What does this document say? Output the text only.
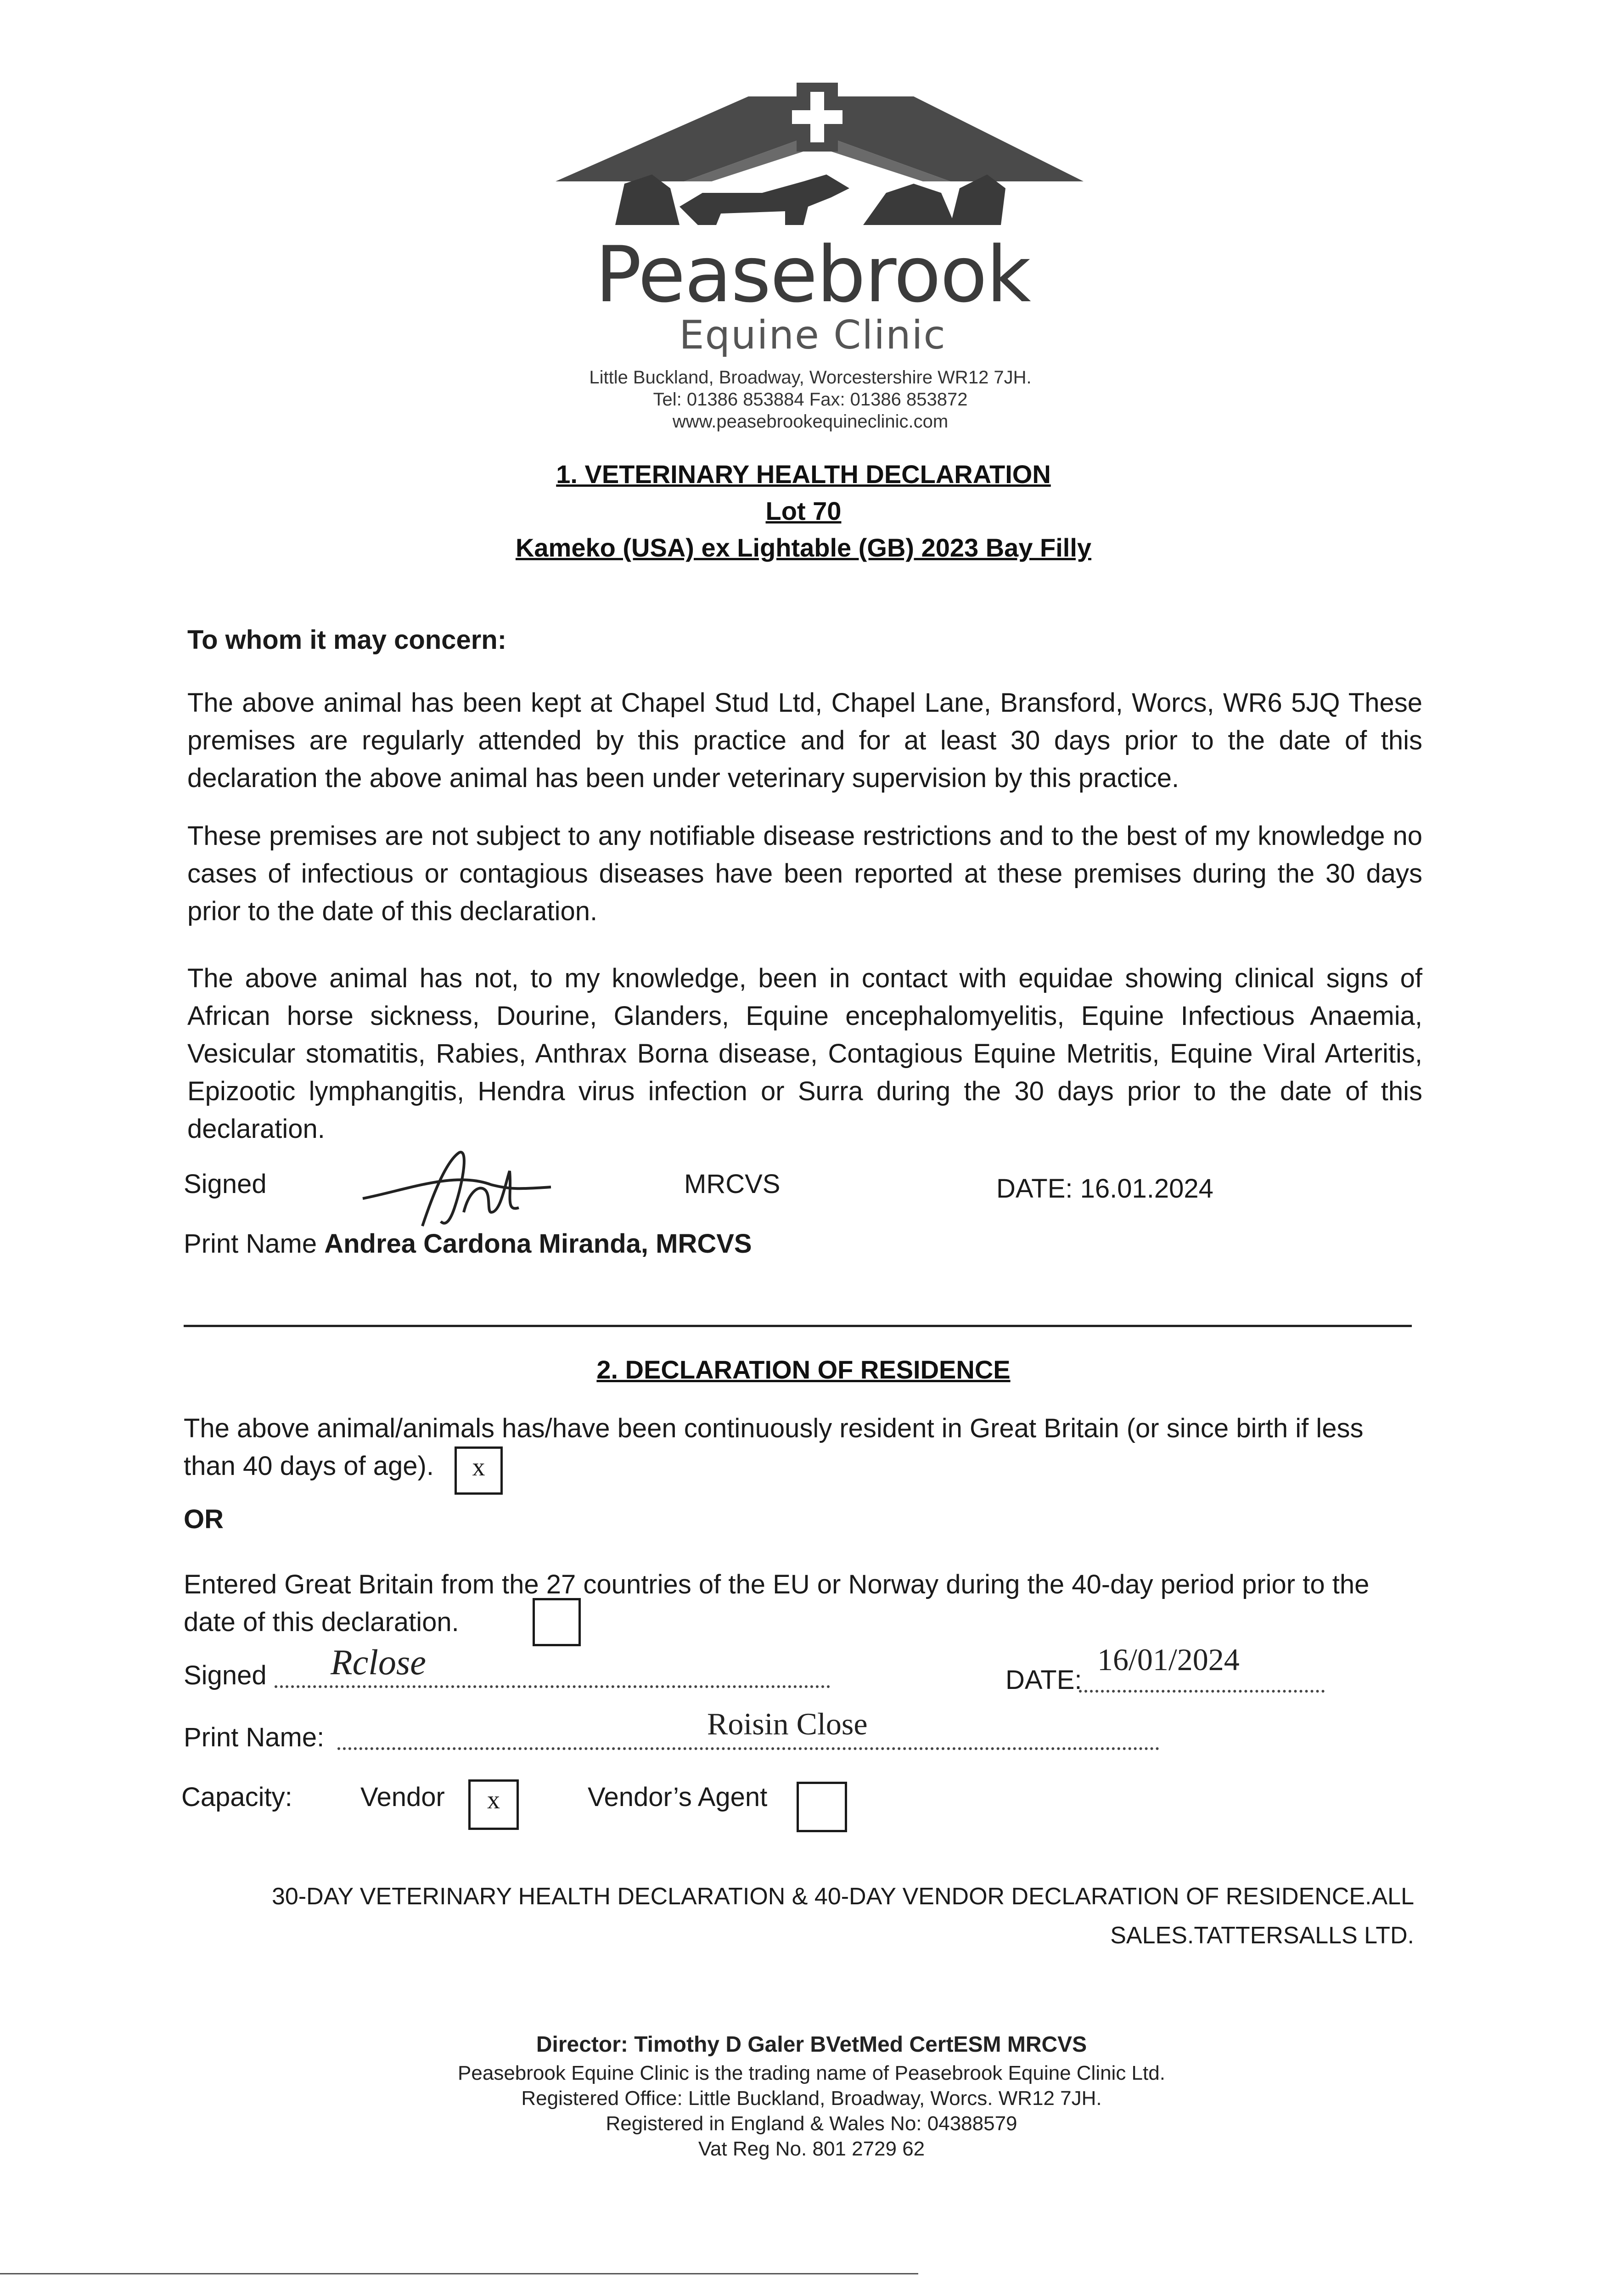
Peasebrook
Equine Clinic
Little Buckland, Broadway, Worcestershire WR12 7JH.
Tel: 01386 853884 Fax: 01386 853872
www.peasebrookequineclinic.com
1. VETERINARY HEALTH DECLARATION
Lot 70
Kameko (USA) ex Lightable (GB) 2023 Bay Filly
To whom it may concern:
The above animal has been kept at Chapel Stud Ltd, Chapel Lane, Bransford, Worcs, WR6 5JQ These premises are regularly attended by this practice and for at least 30 days prior to the date of this declaration the above animal has been under veterinary supervision by this practice.
These premises are not subject to any notifiable disease restrictions and to the best of my knowledge no cases of infectious or contagious diseases have been reported at these premises during the 30 days prior to the date of this declaration.
The above animal has not, to my knowledge, been in contact with equidae showing clinical signs of African horse sickness, Dourine, Glanders, Equine encephalomyelitis, Equine Infectious Anaemia, Vesicular stomatitis, Rabies, Anthrax Borna disease, Contagious Equine Metritis, Equine Viral Arteritis, Epizootic lymphangitis, Hendra virus infection or Surra during the 30 days prior to the date of this declaration.
Signed	MRCVS	DATE: 16.01.2024
Print Name Andrea Cardona Miranda, MRCVS
2. DECLARATION OF RESIDENCE
The above animal/animals has/have been continuously resident in Great Britain (or since birth if less than 40 days of age).	x
OR
Entered Great Britain from the 27 countries of the EU or Norway during the 40-day period prior to the date of this declaration.
Signed Rclose	DATE:
16/01/2024
Print Name:	Roisin Close
Capacity:	Vendor	x	Vendor’s Agent
30-DAY VETERINARY HEALTH DECLARATION & 40-DAY VENDOR DECLARATION OF RESIDENCE.ALL
SALES.TATTERSALLS LTD.
Director: Timothy D Galer BVetMed CertESM MRCVS
Peasebrook Equine Clinic is the trading name of Peasebrook Equine Clinic Ltd.
Registered Office: Little Buckland, Broadway, Worcs. WR12 7JH.
Registered in England & Wales No: 04388579
Vat Reg No. 801 2729 62
